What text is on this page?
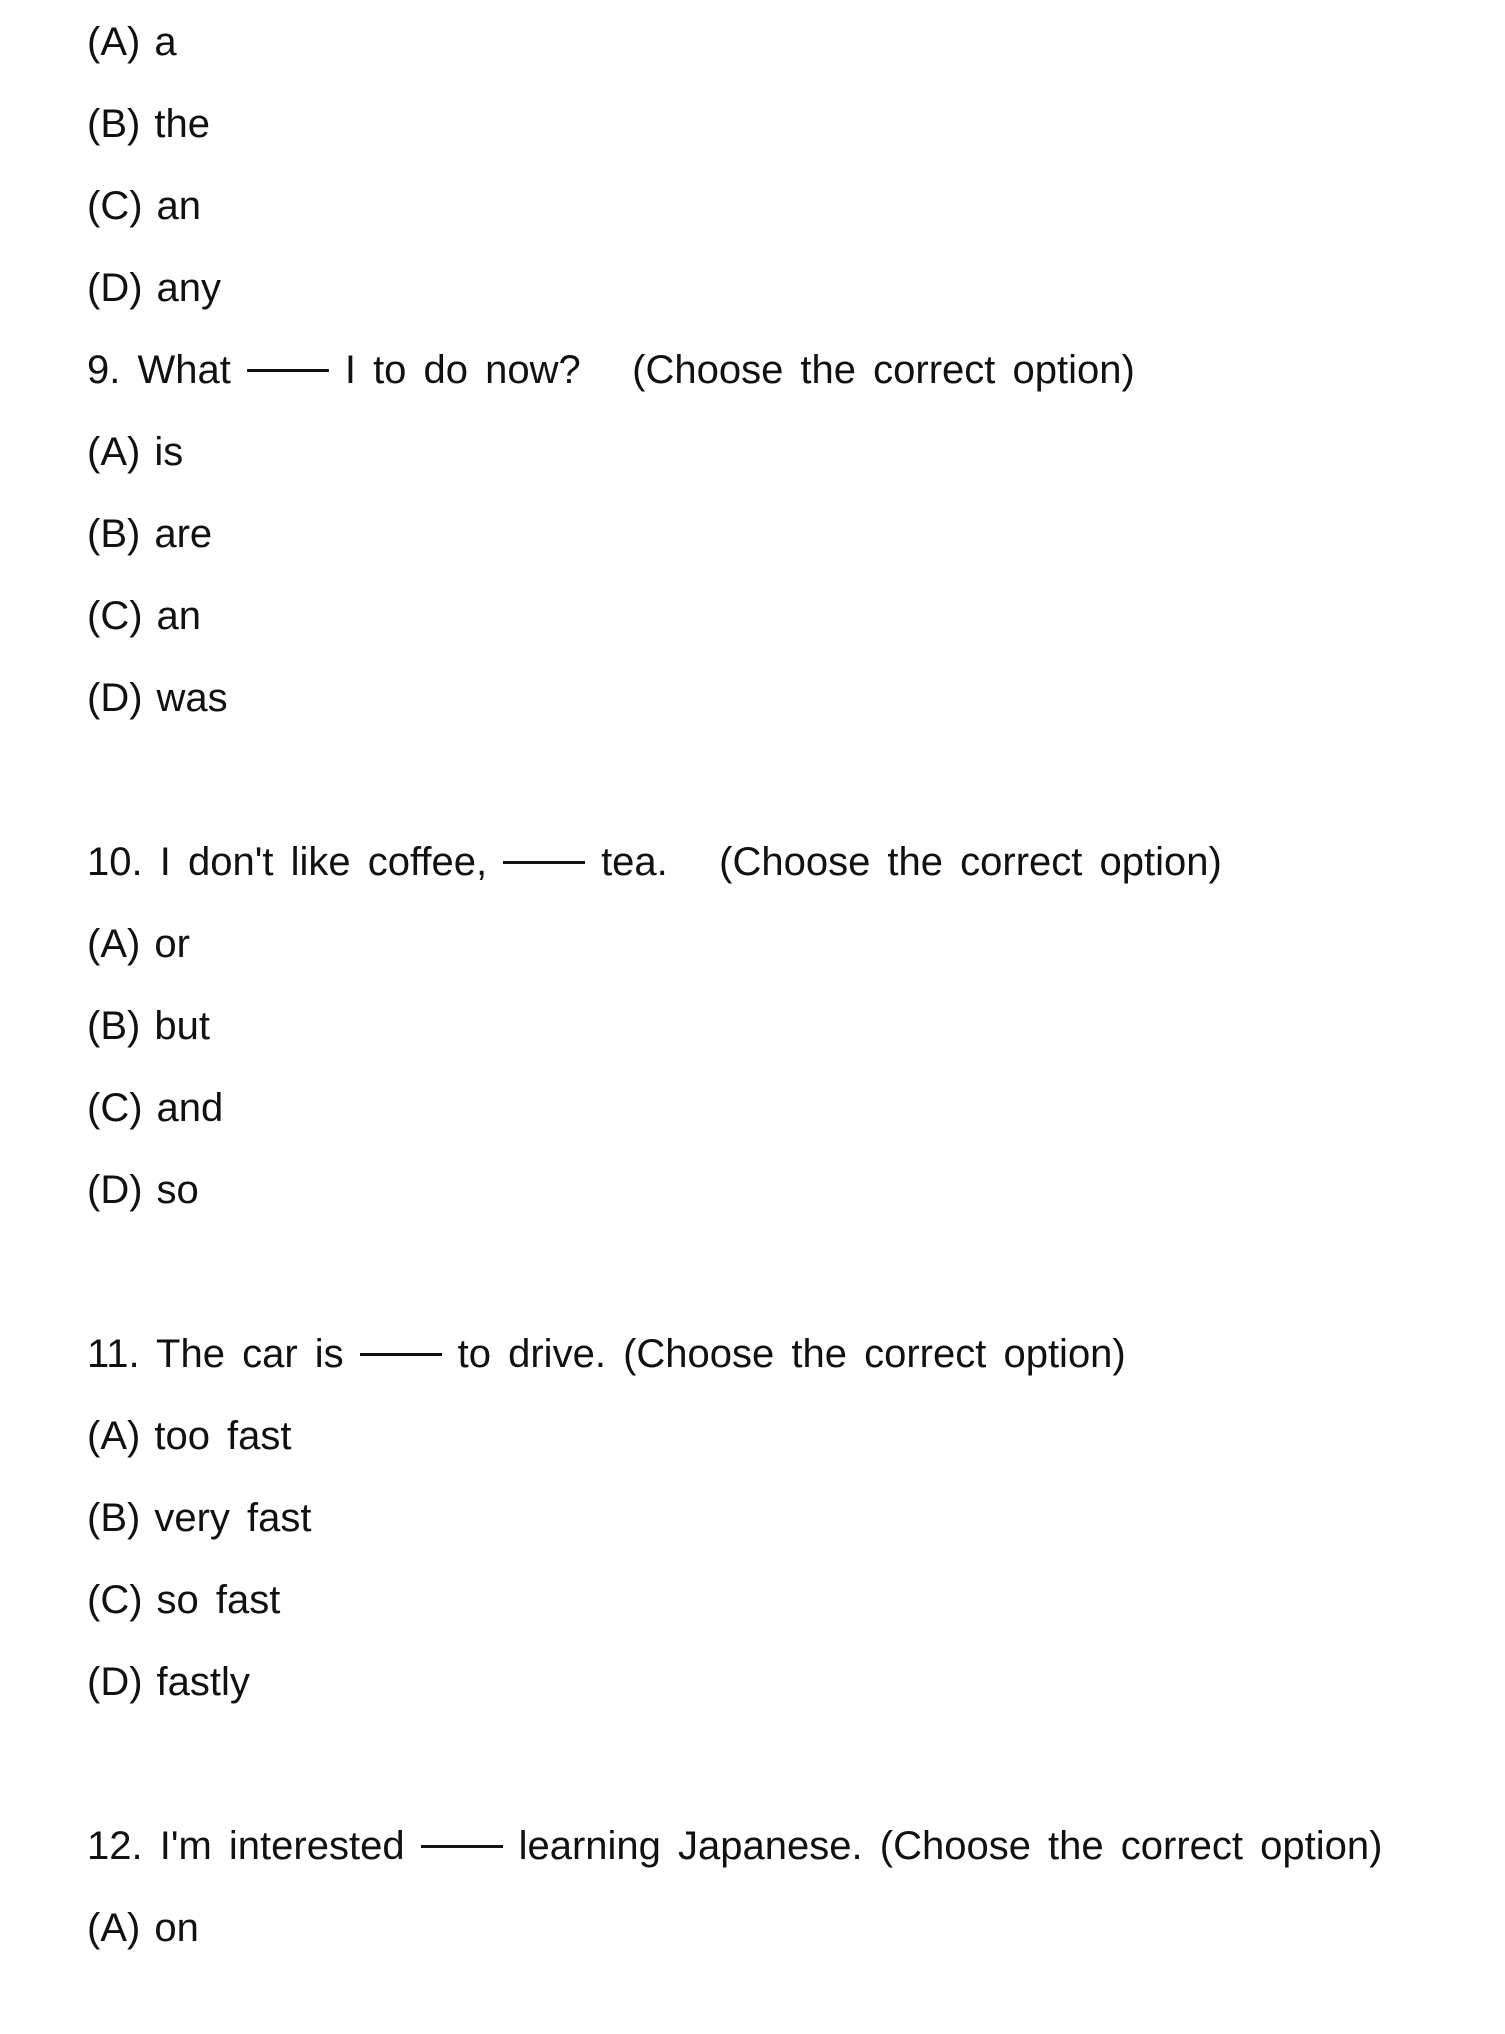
(A) a
(B) the
(C) an
(D) any
9. What	I to do now? (Choose the correct option)
(A) is
(B) are
(C) an
(D) was
10. I don't like coffee,	tea. (Choose the correct option)
(A) or
(B) but
(C) and
(D) so
11. The car is	to drive. (Choose the correct option)
(A) too fast
(B) very fast
(C) so fast
(D) fastly
12. I'm interested	learning Japanese. (Choose the correct option)
(A) on
